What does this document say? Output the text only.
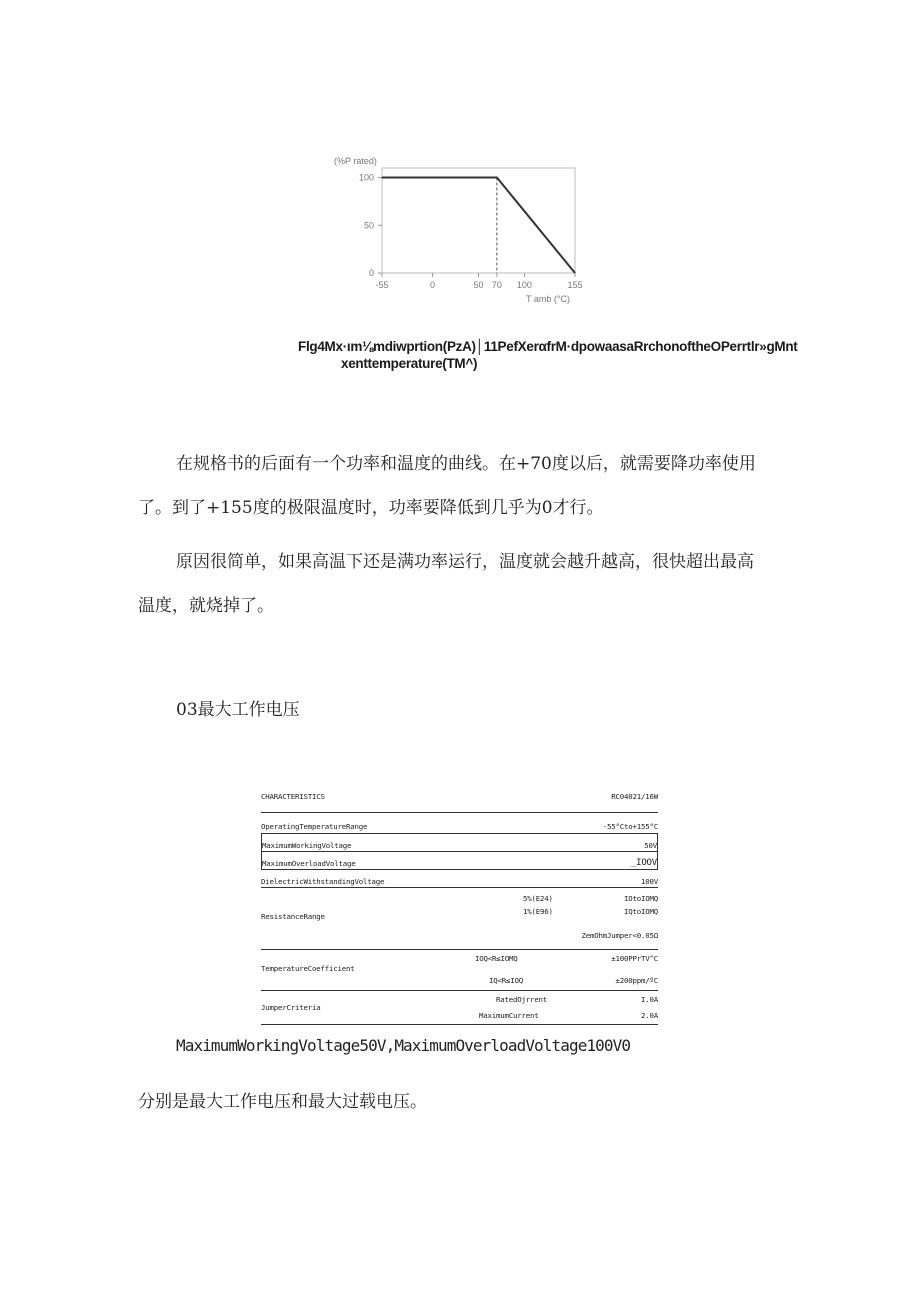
100
50
0
-55	0	50 70 100	155
(%P rated)
T amb (°C)
Flg4Mx·ım⅛mdiwprtion(PzA)│11PefXerαfrM·dpowaasaRrchonoftheOPerrtlr»gMnt
xenttemperature(TM^)
在规格书的后面有一个功率和温度的曲线。在+70度以后，就需要降功率使用了。到了+155度的极限温度时，功率要降低到几乎为0才行。
原因很简单，如果高温下还是满功率运行，温度就会越升越高，很快超出最高温度，就烧掉了。
03最大工作电压
CHARACTERISTICS	RC04021/16W
OperatingTemperatureRange	-55°Cto+155°C
MaximumWorkingVoltage	50V
MaximumOverloadVoltage	_IOOV
DielectricWithstandingVoltage	100V
ResistanceRange
5%(E24)	IOtoIOMQ
1%(E96)	IQtoIOMQ
ZemOhmJumper<0.05Ω
TemperatureCoefficient
IOQ<R≤IOMQ	±100PPrTV^C
IQ<R≤IOQ	±200ppm/ºC
JumperCriteria
RatedOjrrent	I.0A
MaximumCurrent	2.0A
MaximumWorkingVoltage50V,MaximumOverloadVoltage100V0
分别是最大工作电压和最大过载电压。
